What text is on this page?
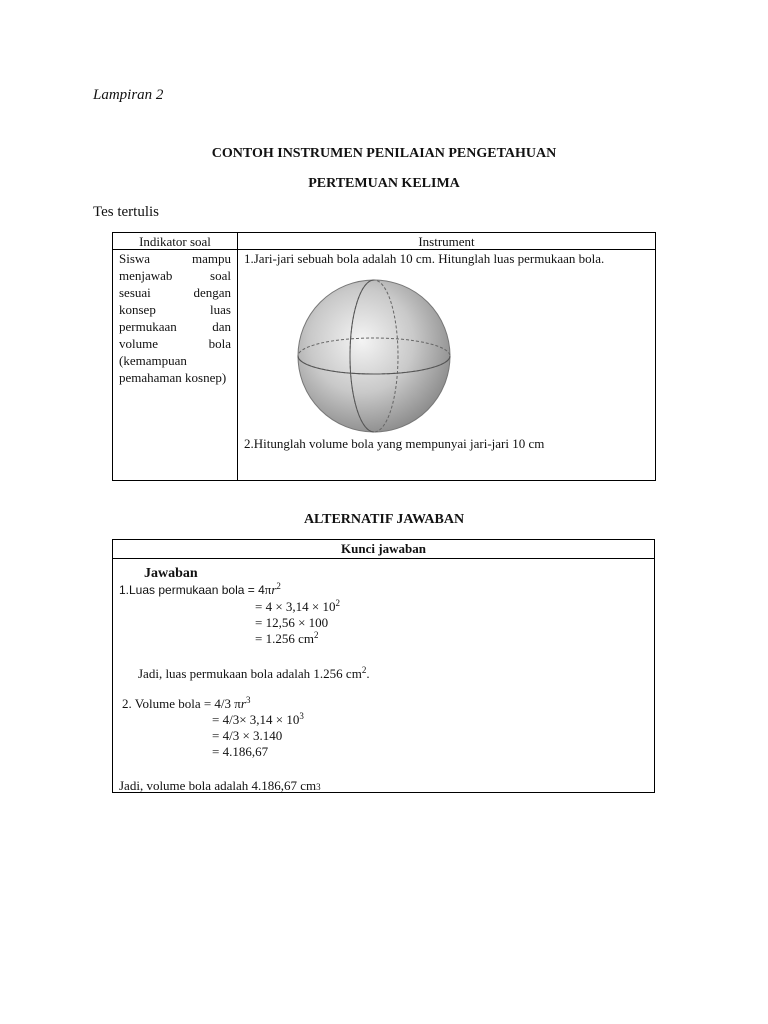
Lampiran 2
CONTOH INSTRUMEN PENILAIAN PENGETAHUAN
PERTEMUAN KELIMA
Tes tertulis
Indikator soal	Instrument
Siswa mampu menjawab soal sesuai dengan konsep luas permukaan dan volume bola (kemampuan pemahaman kosnep)
1.Jari-jari sebuah bola adalah 10 cm. Hitunglah luas permukaan bola.
2.Hitunglah volume bola yang mempunyai jari-jari 10 cm
ALTERNATIF JAWABAN
Kunci jawaban
Jawaban
1.Luas permukaan bola = $4\pi r^2$
= $4 \times 3,14 \times 10^2$
= 12,56 × 100
= 1.256 $cm^2$
Jadi, luas permukaan bola adalah 1.256 $cm^2$.
2. Volume bola = 4/3 $\pi r^3$
= $4/3\times 3,14 \times 10^3$
= 4/3 × 3.140
= 4.186,67
Jadi, volume bola adalah 4.186,67 cm3
